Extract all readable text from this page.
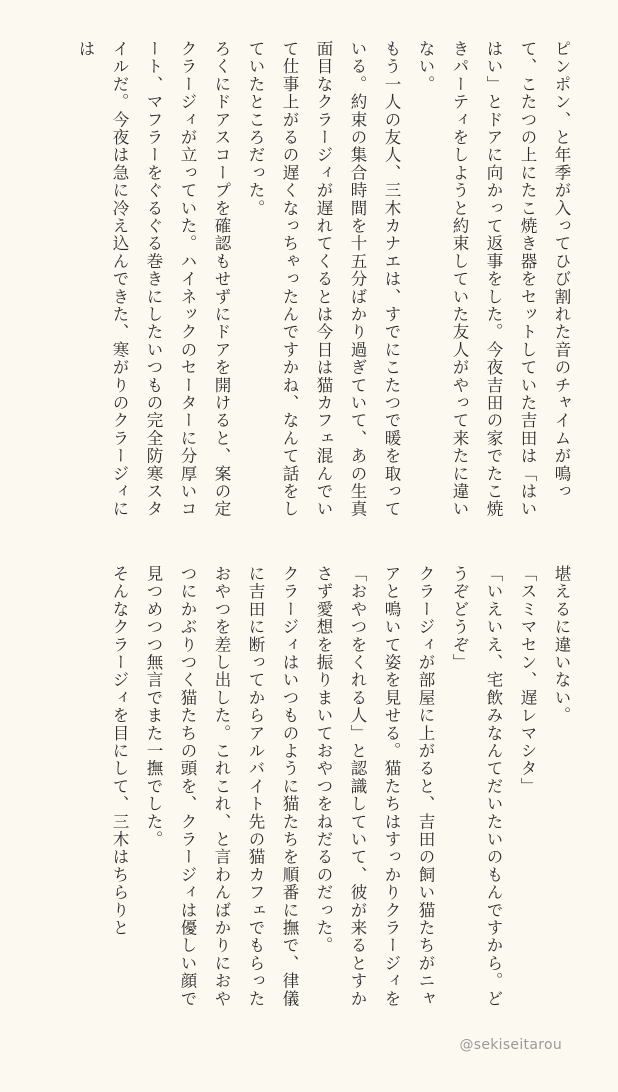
ピンポン、と年季が入ってひび割れた音のチャイムが鳴って、こたつの上にたこ焼き器をセットしていた吉田は「はいはい」とドアに向かって返事をした。今夜吉田の家でたこ焼きパーティをしようと約束していた友人がやって来たに違いない。

もう一人の友人、三木カナエは、すでにこたつで暖を取っている。約束の集合時間を十五分ばかり過ぎていて、あの生真面目なクラージィが遅れてくるとは今日は猫カフェ混んでいて仕事上がるの遅くなっちゃったんですかね、なんて話をしていたところだった。

ろくにドアスコープを確認もせずにドアを開けると、案の定クラージィが立っていた。ハイネックのセーターに分厚いコート、マフラーをぐるぐる巻きにしたいつもの完全防寒スタイルだ。今夜は急に冷え込んできた、寒がりのクラージィには

堪えるに違いない。

「スミマセン、遅レマシタ」

「いえいえ、宅飲みなんてだいたいのもんですから。どうぞどうぞ」

クラージィが部屋に上がると、吉田の飼い猫たちがニャアと鳴いて姿を見せる。猫たちはすっかりクラージィを「おやつをくれる人」と認識していて、彼が来るとすかさず愛想を振りまいておやつをねだるのだった。

クラージィはいつものように猫たちを順番に撫で、律儀に吉田に断ってからアルバイト先の猫カフェでもらったおやつを差し出した。これこれ、と言わんばかりにおやつにかぶりつく猫たちの頭を、クラージィは優しい顔で見つめつつ無言でまた一撫でした。

そんなクラージィを目にして、三木はちらりと

@sekiseitarou
